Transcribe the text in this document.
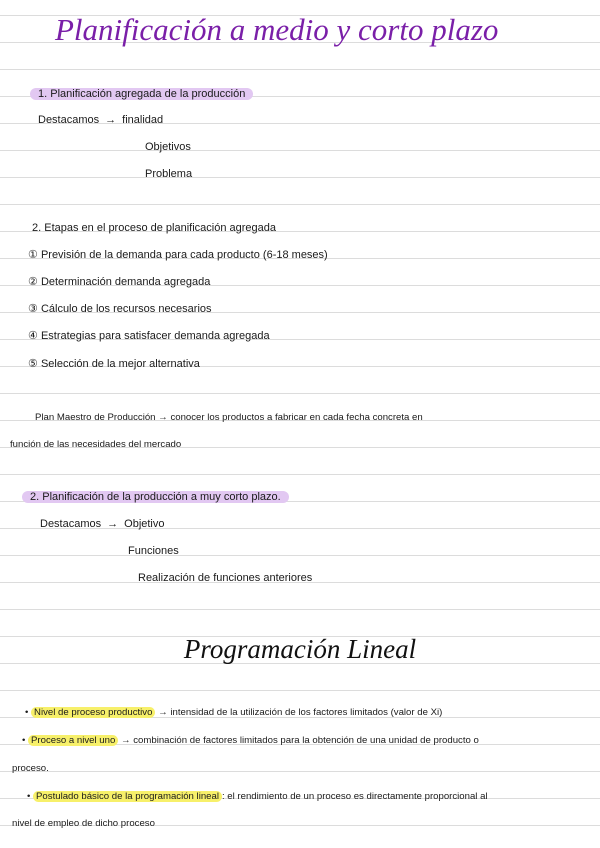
Planificación a medio y corto plazo
1. Planificación agregada de la producción
Destacamos → finalidad
Objetivos
Problema
2. Etapas en el proceso de planificación agregada
① Previsión de la demanda para cada producto (6-18 meses)
② Determinación demanda agregada
③ Cálculo de los recursos necesarios
④ Estrategias para satisfacer demanda agregada
⑤ Selección de la mejor alternativa
Plan Maestro de Producción → conocer los productos a fabricar en cada fecha concreta en
función de las necesidades del mercado
2. Planificación de la producción a muy corto plazo.
Destacamos → Objetivo
Funciones
Realización de funciones anteriores
Programación Lineal
• Nivel de proceso productivo → intensidad de la utilización de los factores limitados (valor de Xi)
• Proceso a nivel uno → combinación de factores limitados para la obtención de una unidad de producto o
proceso.
• Postulado básico de la programación lineal : el rendimiento de un proceso es directamente proporcional al
nivel de empleo de dicho proceso
